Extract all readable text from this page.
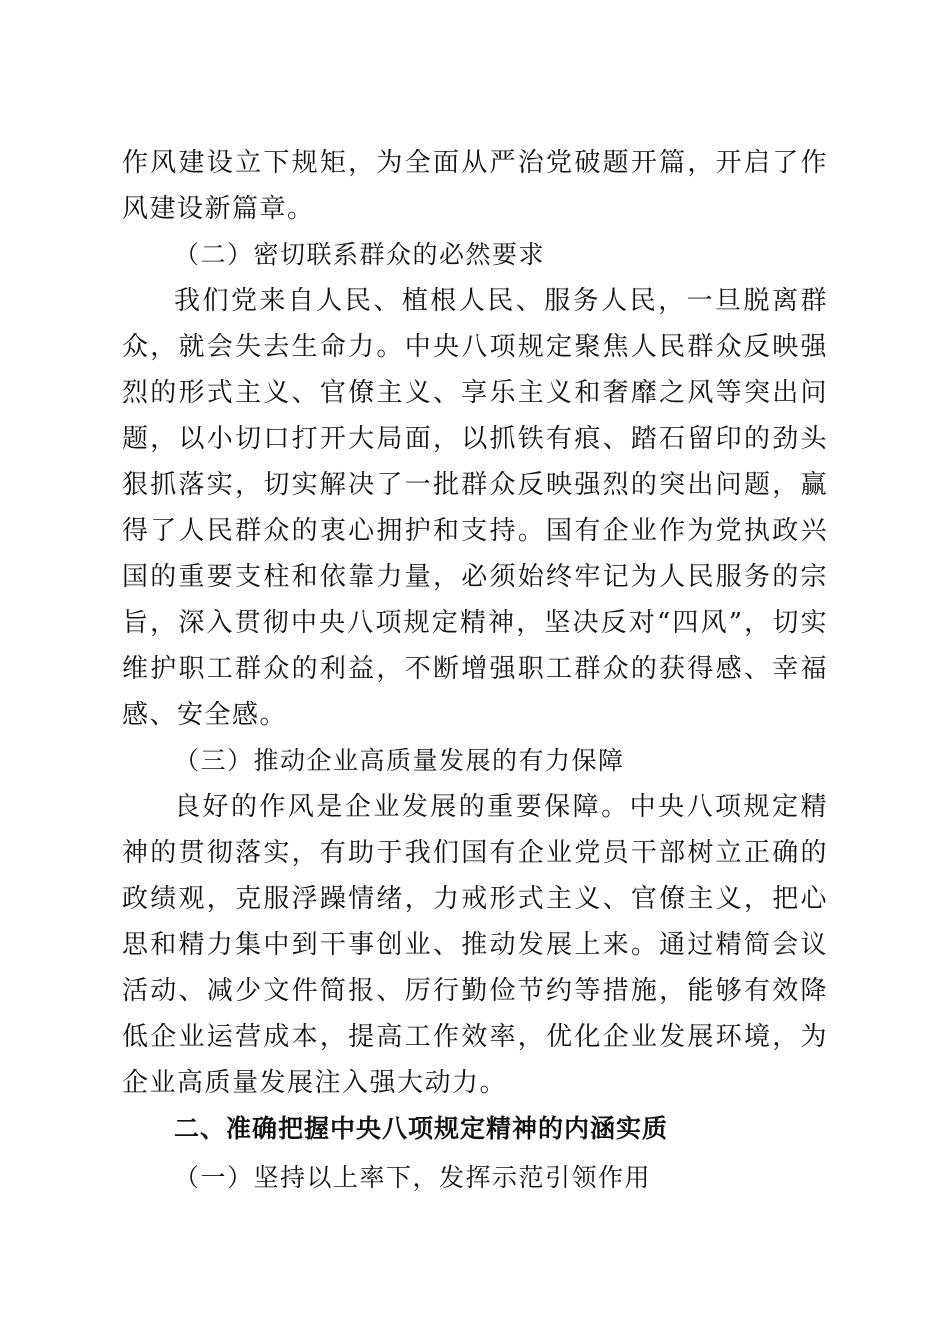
作风建设立下规矩，为全面从严治党破题开篇，开启了作风建设新篇章。

（二）密切联系群众的必然要求

我们党来自人民、植根人民、服务人民，一旦脱离群众，就会失去生命力。中央八项规定聚焦人民群众反映强烈的形式主义、官僚主义、享乐主义和奢靡之风等突出问题，以小切口打开大局面，以抓铁有痕、踏石留印的劲头狠抓落实，切实解决了一批群众反映强烈的突出问题，赢得了人民群众的衷心拥护和支持。国有企业作为党执政兴国的重要支柱和依靠力量，必须始终牢记为人民服务的宗旨，深入贯彻中央八项规定精神，坚决反对“四风”，切实维护职工群众的利益，不断增强职工群众的获得感、幸福感、安全感。

（三）推动企业高质量发展的有力保障

良好的作风是企业发展的重要保障。中央八项规定精神的贯彻落实，有助于我们国有企业党员干部树立正确的政绩观，克服浮躁情绪，力戒形式主义、官僚主义，把心思和精力集中到干事创业、推动发展上来。通过精简会议活动、减少文件简报、厉行勤俭节约等措施，能够有效降低企业运营成本，提高工作效率，优化企业发展环境，为企业高质量发展注入强大动力。

二、准确把握中央八项规定精神的内涵实质

（一）坚持以上率下，发挥示范引领作用
